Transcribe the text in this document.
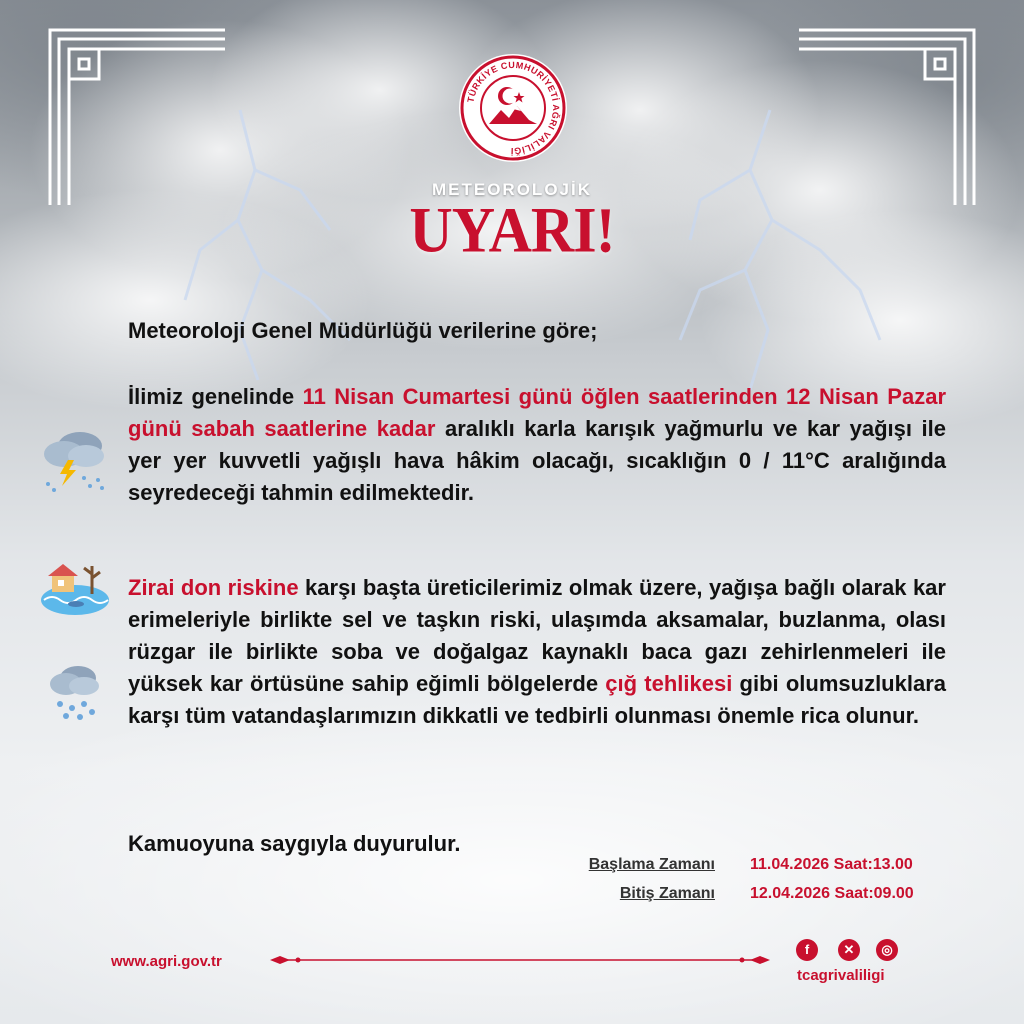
TÜRKİYE CUMHURİYETİ AĞRI VALİLİĞİ
METEOROLOJİK
UYARI!

Meteoroloji Genel Müdürlüğü verilerine göre;

İlimiz genelinde 11 Nisan Cumartesi günü öğlen saatlerinden 12 Nisan Pazar günü sabah saatlerine kadar aralıklı karla karışık yağmurlu ve kar yağışı ile yer yer kuvvetli yağışlı hava hâkim olacağı, sıcaklığın 0 / 11°C aralığında seyredeceği tahmin edilmektedir.

Zirai don riskine karşı başta üreticilerimiz olmak üzere, yağışa bağlı olarak kar erimeleriyle birlikte sel ve taşkın riski, ulaşımda aksamalar, buzlanma, olası rüzgar ile birlikte soba ve doğalgaz kaynaklı baca gazı zehirlenmeleri ile yüksek kar örtüsüne sahip eğimli bölgelerde çığ tehlikesi gibi olumsuzluklara karşı tüm vatandaşlarımızın dikkatli ve tedbirli olunması önemle rica olunur.

Kamuoyuna saygıyla duyurulur.

Başlama Zamanı 11.04.2026 Saat:13.00
Bitiş Zamanı 12.04.2026 Saat:09.00
www.agri.gov.tr
f	✕	◎
tcagrivaliligi
